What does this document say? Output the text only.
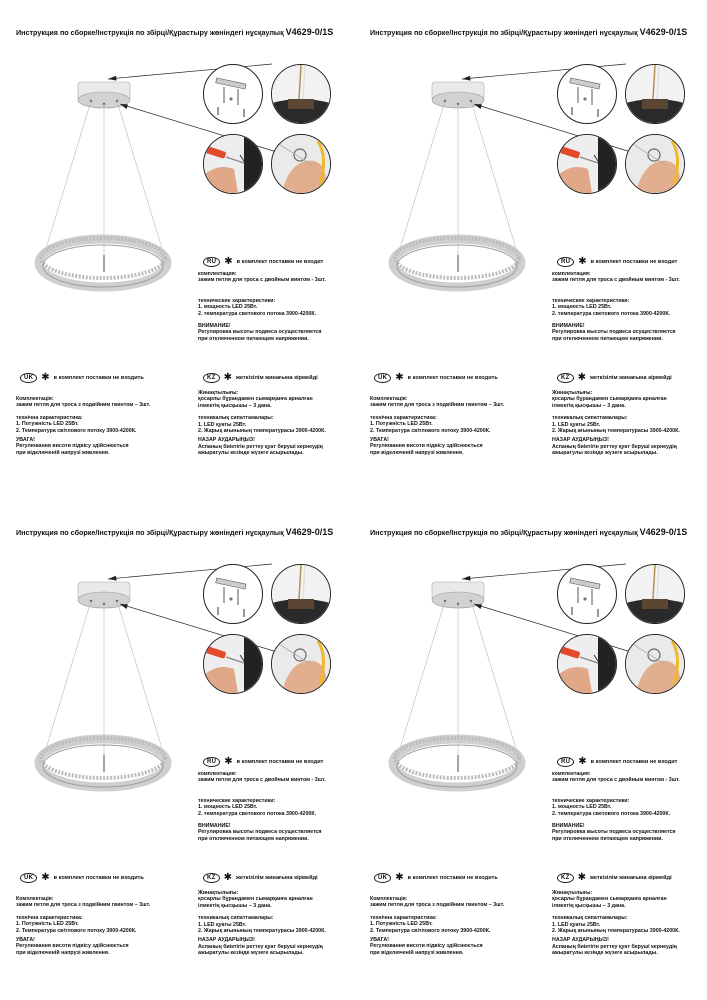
Инструкция по сборке/Інструкція по збірці/Құрастыру жөніндегі нұсқаулық V4629-0/1S
RU ✱ в комплект поставки не входит

комплектация:

зажим петля для троса с двойным винтом - 3шт.

технические характеристики:

1. мощность LED 25Вт.

2. температура светового потока 3900-4200К.

ВНИМАНИЕ!

Регулировка высоты подвеса осуществляется

при отключенном питающем напряжении.

UK ✱ в комплект поставки не входить

Комплектація:

зажим петля для троса з подвійним гвинтом – 3шт.

технічна характеристика:

1. Потужність LED 25Вт.

2. Температура світлового потоку 3900-4200К.

УВАГА!

Регулювання висоти підвісу здійснюється

при відключеній напрузі живлення.

KZ ✱ жеткізілім жинағына кірмейді

Жинақтылығы:

қосарлы бұрандамен сымарқанға арналған

ілмектің қысқышы – 3 дана.

техникалық сипаттамалары:

1. LED қуаты 25Вт.

2. Жарық ағынының температурасы 3900-4200К.

НАЗАР АУДАРЫҢЫЗ!

Аспаның биіктігін реттеу қуат беруші кернеудің

ажыратулы кезінде жүзеге асырылады.

Инструкция по сборке/Інструкція по збірці/Құрастыру жөніндегі нұсқаулық V4629-0/1S
RU ✱ в комплект поставки не входит

комплектация:

зажим петля для троса с двойным винтом - 3шт.

технические характеристики:

1. мощность LED 25Вт.

2. температура светового потока 3900-4200К.

ВНИМАНИЕ!

Регулировка высоты подвеса осуществляется

при отключенном питающем напряжении.

UK ✱ в комплект поставки не входить

Комплектація:

зажим петля для троса з подвійним гвинтом – 3шт.

технічна характеристика:

1. Потужність LED 25Вт.

2. Температура світлового потоку 3900-4200К.

УВАГА!

Регулювання висоти підвісу здійснюється

при відключеній напрузі живлення.

KZ ✱ жеткізілім жинағына кірмейді

Жинақтылығы:

қосарлы бұрандамен сымарқанға арналған

ілмектің қысқышы – 3 дана.

техникалық сипаттамалары:

1. LED қуаты 25Вт.

2. Жарық ағынының температурасы 3900-4200К.

НАЗАР АУДАРЫҢЫЗ!

Аспаның биіктігін реттеу қуат беруші кернеудің

ажыратулы кезінде жүзеге асырылады.

Инструкция по сборке/Інструкція по збірці/Құрастыру жөніндегі нұсқаулық V4629-0/1S
RU ✱ в комплект поставки не входит

комплектация:

зажим петля для троса с двойным винтом - 3шт.

технические характеристики:

1. мощность LED 25Вт.

2. температура светового потока 3900-4200К.

ВНИМАНИЕ!

Регулировка высоты подвеса осуществляется

при отключенном питающем напряжении.

UK ✱ в комплект поставки не входить

Комплектація:

зажим петля для троса з подвійним гвинтом – 3шт.

технічна характеристика:

1. Потужність LED 25Вт.

2. Температура світлового потоку 3900-4200К.

УВАГА!

Регулювання висоти підвісу здійснюється

при відключеній напрузі живлення.

KZ ✱ жеткізілім жинағына кірмейді

Жинақтылығы:

қосарлы бұрандамен сымарқанға арналған

ілмектің қысқышы – 3 дана.

техникалық сипаттамалары:

1. LED қуаты 25Вт.

2. Жарық ағынының температурасы 3900-4200К.

НАЗАР АУДАРЫҢЫЗ!

Аспаның биіктігін реттеу қуат беруші кернеудің

ажыратулы кезінде жүзеге асырылады.

Инструкция по сборке/Інструкція по збірці/Құрастыру жөніндегі нұсқаулық V4629-0/1S
RU ✱ в комплект поставки не входит

комплектация:

зажим петля для троса с двойным винтом - 3шт.

технические характеристики:

1. мощность LED 25Вт.

2. температура светового потока 3900-4200К.

ВНИМАНИЕ!

Регулировка высоты подвеса осуществляется

при отключенном питающем напряжении.

UK ✱ в комплект поставки не входить

Комплектація:

зажим петля для троса з подвійним гвинтом – 3шт.

технічна характеристика:

1. Потужність LED 25Вт.

2. Температура світлового потоку 3900-4200К.

УВАГА!

Регулювання висоти підвісу здійснюється

при відключеній напрузі живлення.

KZ ✱ жеткізілім жинағына кірмейді

Жинақтылығы:

қосарлы бұрандамен сымарқанға арналған

ілмектің қысқышы – 3 дана.

техникалық сипаттамалары:

1. LED қуаты 25Вт.

2. Жарық ағынының температурасы 3900-4200К.

НАЗАР АУДАРЫҢЫЗ!

Аспаның биіктігін реттеу қуат беруші кернеудің

ажыратулы кезінде жүзеге асырылады.
